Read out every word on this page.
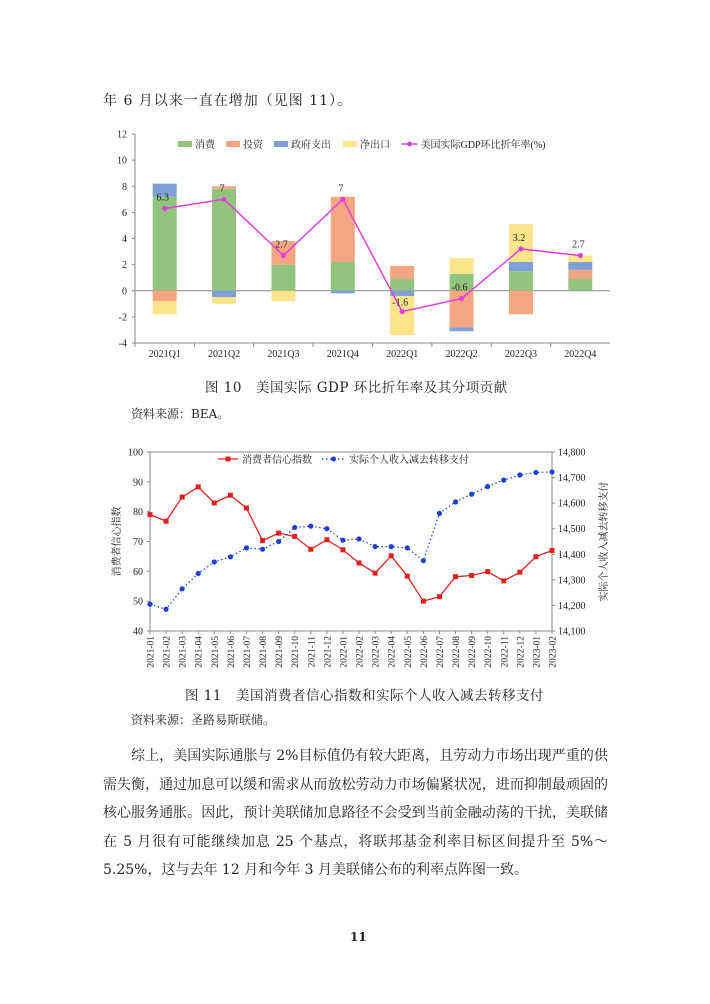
年 6 月以来一直在增加（见图 11）。
-4
-2
0
2
4
6
8
10
12
2021Q1	2021Q2	2021Q3	2021Q4	2022Q1	2022Q2	2022Q3	2022Q4
6.3
7
2.7
7
-1.6
-0.6
3.2
2.7
消费	投资	政府支出	净出口	美国实际GDP环比折年率(%)
图 10　美国实际 GDP 环比折年率及其分项贡献
资料来源：BEA。
40
50
60
70
80
90
100
14,100
14,200
14,300
14,400
14,500
14,600
14,700
14,800
2021-01 2021-02 2021-03 2021-04 2021-05 2021-06 2021-07 2021-08 2021-09 2021-10 2021-11 2021-12 2022-01 2022-02 2022-03 2022-04 2022-05 2022-06 2022-07 2022-08 2022-09 2022-10 2022-11 2022-12 2023-01 2023-02
消费者信心指数	实际个人收入减去转移支付
消费者信心指数	实际个人收入减去转移支付
图 11　美国消费者信心指数和实际个人收入减去转移支付
资料来源：圣路易斯联储。

综上，美国实际通胀与 2%目标值仍有较大距离，且劳动力市场出现严重的供需失衡，通过加息可以缓和需求从而放松劳动力市场偏紧状况，进而抑制最顽固的核心服务通胀。因此，预计美联储加息路径不会受到当前金融动荡的干扰，美联储在 5 月很有可能继续加息 25 个基点，将联邦基金利率目标区间提升至 5%～5.25%，这与去年 12 月和今年 3 月美联储公布的利率点阵图一致。

11
